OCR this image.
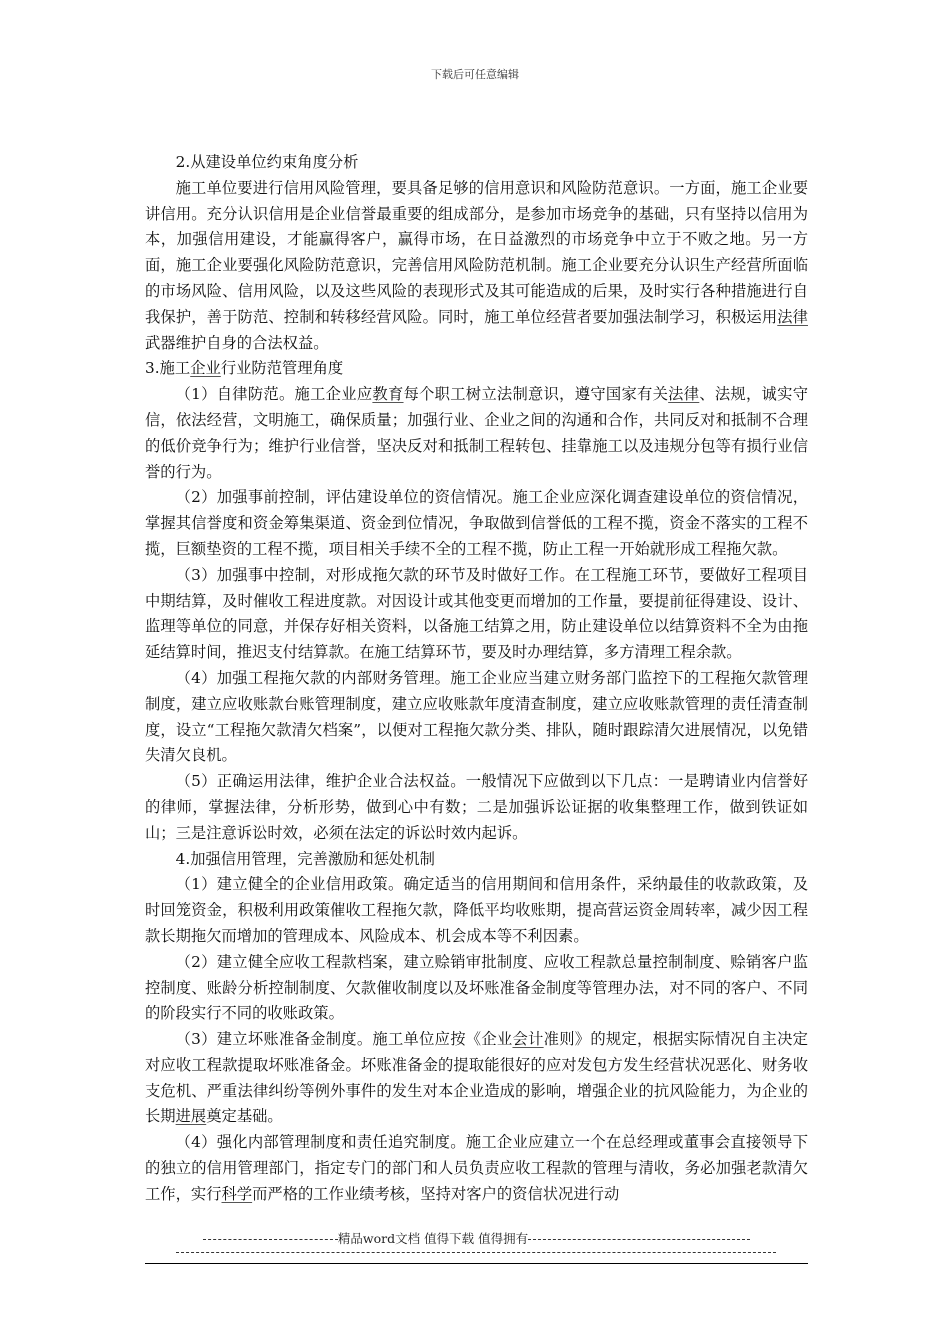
下载后可任意编辑

2.从建设单位约束角度分析

施工单位要进行信用风险管理，要具备足够的信用意识和风险防范意识。一方面，施工企业要讲信用。充分认识信用是企业信誉最重要的组成部分，是参加市场竞争的基础，只有坚持以信用为本，加强信用建设，才能赢得客户，赢得市场，在日益激烈的市场竞争中立于不败之地。另一方面，施工企业要强化风险防范意识，完善信用风险防范机制。施工企业要充分认识生产经营所面临的市场风险、信用风险，以及这些风险的表现形式及其可能造成的后果，及时实行各种措施进行自我保护，善于防范、控制和转移经营风险。同时，施工单位经营者要加强法制学习，积极运用法律武器维护自身的合法权益。

3.施工企业行业防范管理角度

（1）自律防范。施工企业应教育每个职工树立法制意识，遵守国家有关法律、法规，诚实守信，依法经营，文明施工，确保质量；加强行业、企业之间的沟通和合作，共同反对和抵制不合理的低价竞争行为；维护行业信誉，坚决反对和抵制工程转包、挂靠施工以及违规分包等有损行业信誉的行为。

（2）加强事前控制，评估建设单位的资信情况。施工企业应深化调查建设单位的资信情况，掌握其信誉度和资金筹集渠道、资金到位情况，争取做到信誉低的工程不揽，资金不落实的工程不揽，巨额垫资的工程不揽，项目相关手续不全的工程不揽，防止工程一开始就形成工程拖欠款。

（3）加强事中控制，对形成拖欠款的环节及时做好工作。在工程施工环节，要做好工程项目中期结算，及时催收工程进度款。对因设计或其他变更而增加的工作量，要提前征得建设、设计、监理等单位的同意，并保存好相关资料，以备施工结算之用，防止建设单位以结算资料不全为由拖延结算时间，推迟支付结算款。在施工结算环节，要及时办理结算，多方清理工程余款。

（4）加强工程拖欠款的内部财务管理。施工企业应当建立财务部门监控下的工程拖欠款管理制度，建立应收账款台账管理制度，建立应收账款年度清查制度，建立应收账款管理的责任清查制度，设立“工程拖欠款清欠档案”，以便对工程拖欠款分类、排队，随时跟踪清欠进展情况，以免错失清欠良机。

（5）正确运用法律，维护企业合法权益。一般情况下应做到以下几点：一是聘请业内信誉好的律师，掌握法律，分析形势，做到心中有数；二是加强诉讼证据的收集整理工作，做到铁证如山；三是注意诉讼时效，必须在法定的诉讼时效内起诉。

4.加强信用管理，完善激励和惩处机制

（1）建立健全的企业信用政策。确定适当的信用期间和信用条件，采纳最佳的收款政策，及时回笼资金，积极利用政策催收工程拖欠款，降低平均收账期，提高营运资金周转率，减少因工程款长期拖欠而增加的管理成本、风险成本、机会成本等不利因素。

（2）建立健全应收工程款档案，建立赊销审批制度、应收工程款总量控制制度、赊销客户监控制度、账龄分析控制制度、欠款催收制度以及坏账准备金制度等管理办法，对不同的客户、不同的阶段实行不同的收账政策。

（3）建立坏账准备金制度。施工单位应按《企业会计准则》的规定，根据实际情况自主决定对应收工程款提取坏账准备金。坏账准备金的提取能很好的应对发包方发生经营状况恶化、财务收支危机、严重法律纠纷等例外事件的发生对本企业造成的影响，增强企业的抗风险能力，为企业的长期进展奠定基础。

（4）强化内部管理制度和责任追究制度。施工企业应建立一个在总经理或董事会直接领导下的独立的信用管理部门，指定专门的部门和人员负责应收工程款的管理与清收，务必加强老款清欠工作，实行科学而严格的工作业绩考核，坚持对客户的资信状况进行动

精品word文档 值得下载 值得拥有
